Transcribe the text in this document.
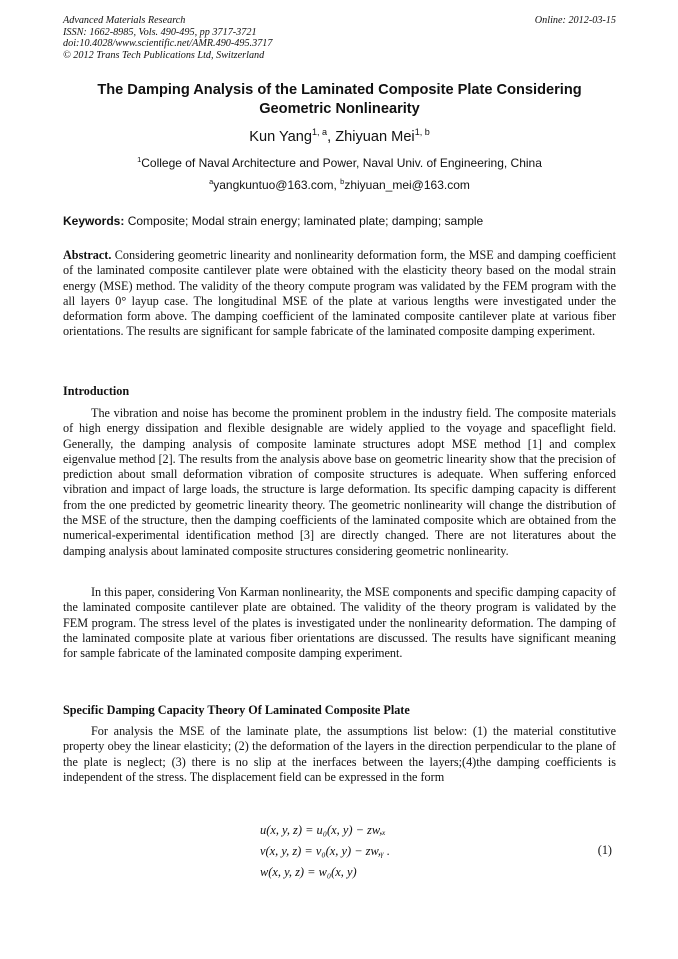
Advanced Materials Research
ISSN: 1662-8985, Vols. 490-495, pp 3717-3721
doi:10.4028/www.scientific.net/AMR.490-495.3717
© 2012 Trans Tech Publications Ltd, Switzerland
Online: 2012-03-15
The Damping Analysis of the Laminated Composite Plate Considering
Geometric Nonlinearity
Kun Yang$^{1, a}$, Zhiyuan Mei$^{1, b}$
$^1$College of Naval Architecture and Power, Naval Univ. of Engineering, China
$^a$yangkuntuo@163.com, $^b$zhiyuan_mei@163.com
Keywords: Composite; Modal strain energy; laminated plate; damping; sample
Abstract. Considering geometric linearity and nonlinearity deformation form, the MSE and damping coefficient of the laminated composite cantilever plate were obtained with the elasticity theory based on the modal strain energy (MSE) method. The validity of the theory compute program was validated by the FEM program with the all layers 0° layup case. The longitudinal MSE of the plate at various lengths were investigated under the deformation form above. The damping coefficient of the laminated composite cantilever plate at various fiber orientations. The results are significant for sample fabricate of the laminated composite damping experiment.
Introduction
The vibration and noise has become the prominent problem in the industry field. The composite materials of high energy dissipation and flexible designable are widely applied to the voyage and spaceflight field. Generally, the damping analysis of composite laminate structures adopt MSE method [1] and complex eigenvalue method [2]. The results from the analysis above base on geometric linearity show that the precision of prediction about small deformation vibration of composite structures is adequate. When suffering enforced vibration and impact of large loads, the structure is large deformation. Its specific damping capacity is different from the one predicted by geometric linearity theory. The geometric nonlinearity will change the distribution of the MSE of the structure, then the damping coefficients of the laminated composite which are obtained from the numerical-experimental identification method [3] are directly changed. There are not literatures about the damping analysis about laminated composite structures considering geometric nonlinearity.
In this paper, considering Von Karman nonlinearity, the MSE components and specific damping capacity of the laminated composite cantilever plate are obtained. The validity of the theory program is validated by the FEM program. The stress level of the plates is investigated under the nonlinearity deformation. The damping of the laminated composite plate at various fiber orientations are discussed. The results have significant meaning for sample fabricate of the laminated composite damping experiment.
Specific Damping Capacity Theory Of Laminated Composite Plate
For analysis the MSE of the laminate plate, the assumptions list below: (1) the material constitutive property obey the linear elasticity; (2) the deformation of the layers in the direction perpendicular to the plane of the plate is neglect; (3) there is no slip at the inerfaces between the layers;(4)the damping coefficients is independent of the stress. The displacement field can be expressed in the form
u(x, y, z) = u₀(x, y) − zw,ₓ
v(x, y, z) = v₀(x, y) − zw,ᵧ .
w(x, y, z) = w₀(x, y)
(1)
